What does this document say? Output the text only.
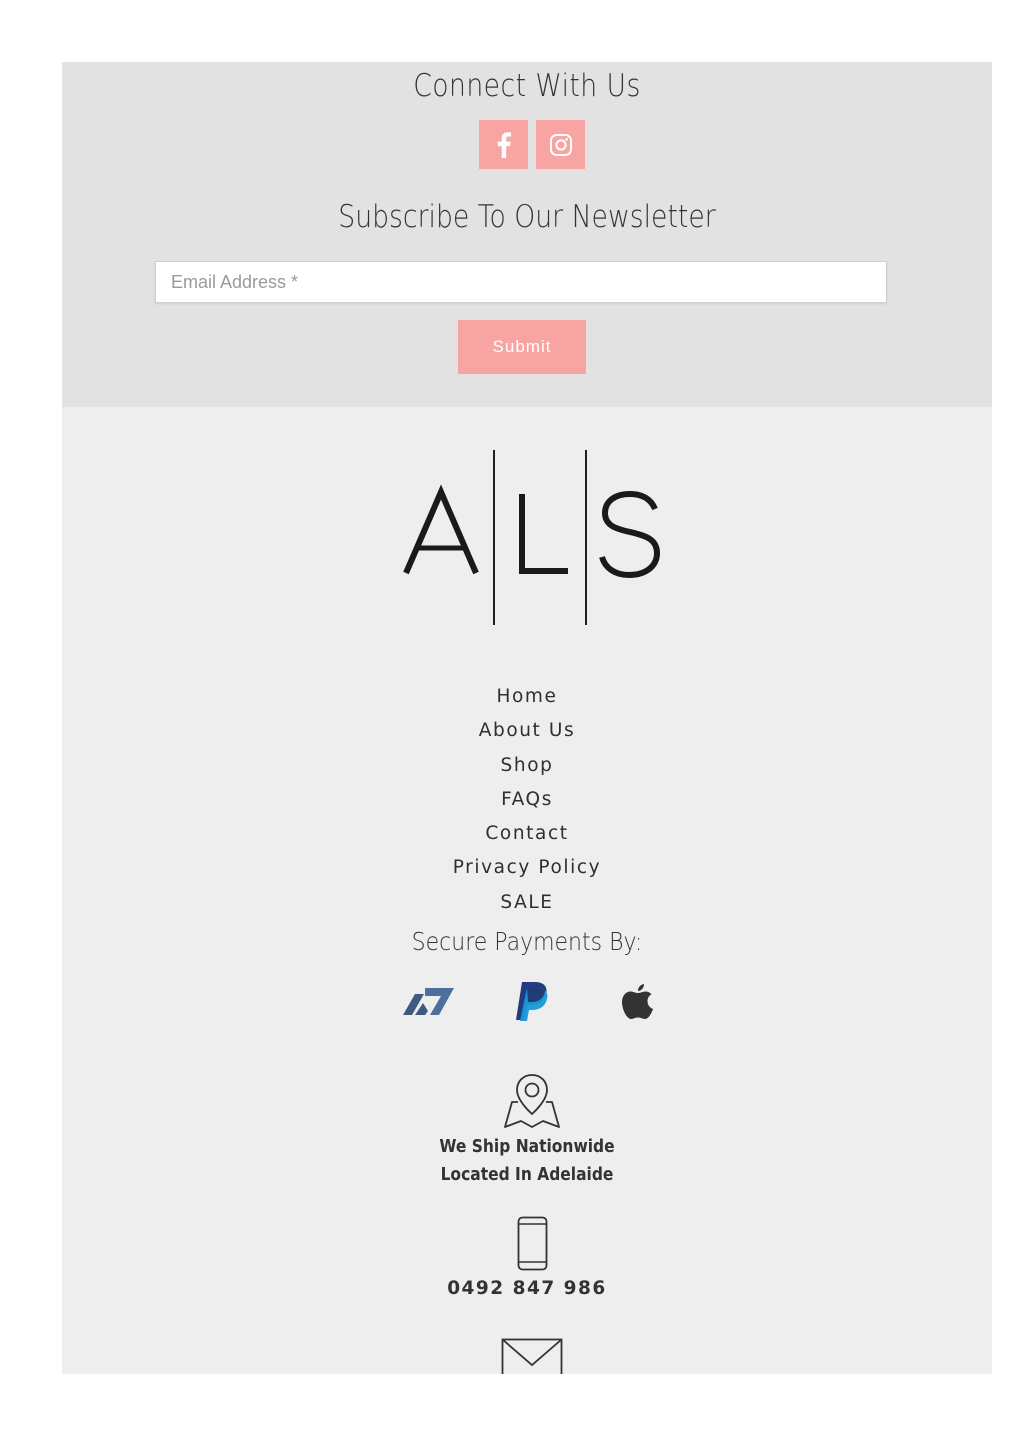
Connect With Us
Subscribe To Our Newsletter
Email Address *
Submit
Home
About Us
Shop
FAQs
Contact
Privacy Policy
SALE
Secure Payments By:
We Ship Nationwide
Located In Adelaide
0492 847 986
